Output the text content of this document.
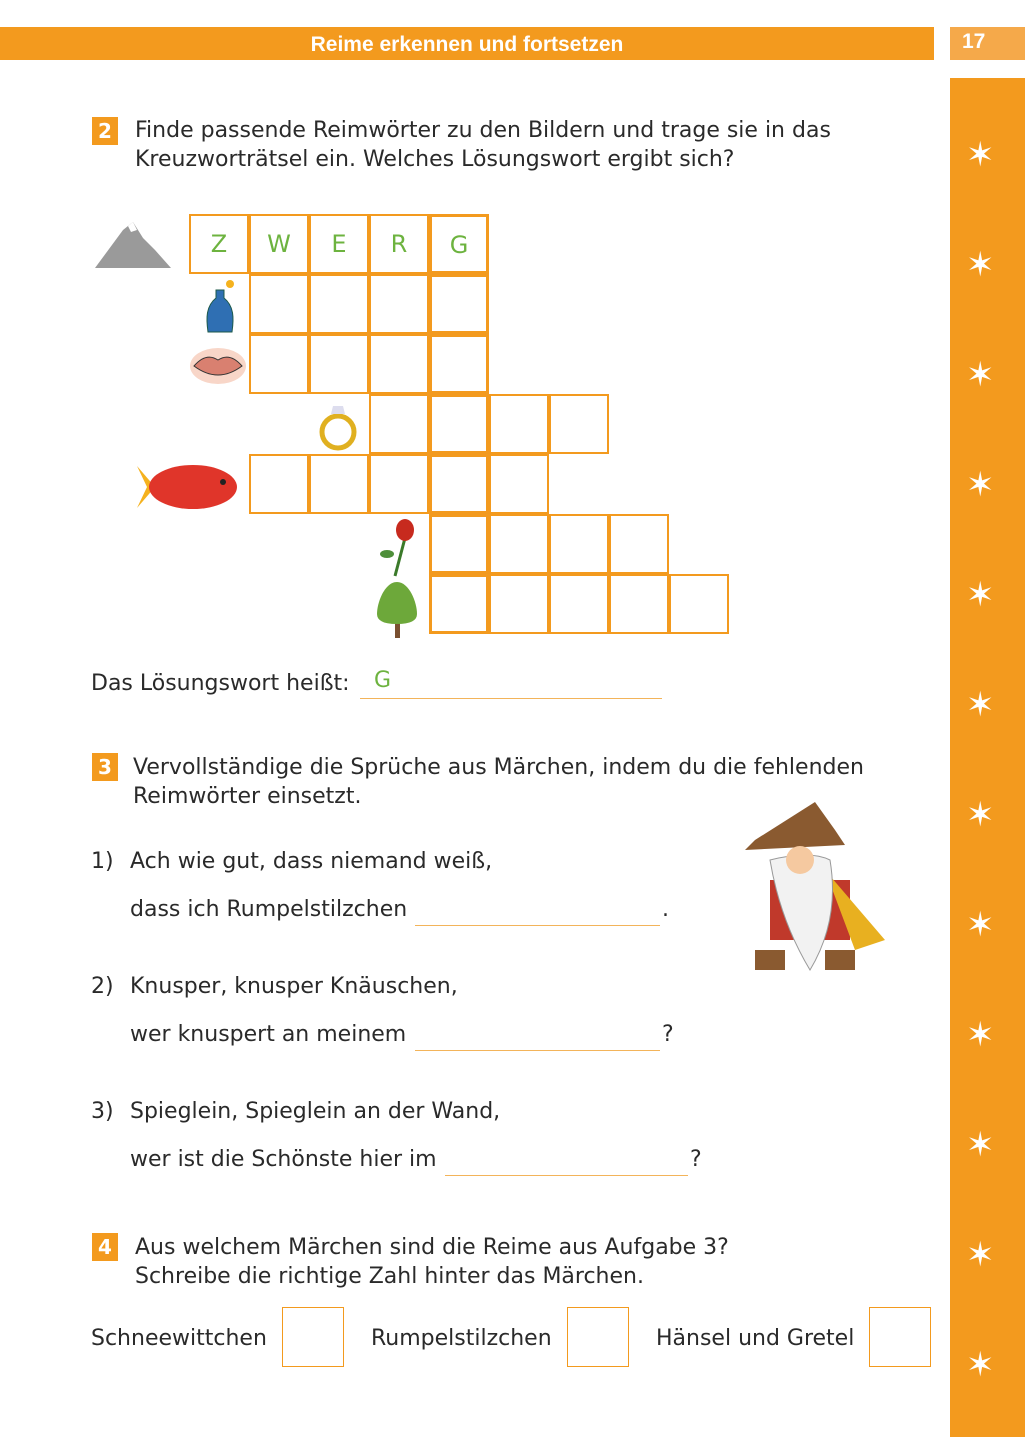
Reime erkennen und fortsetzen	17
✶
✶
✶
✶
✶
✶
✶
✶
✶
✶
✶
✶
2 Finde passende Reimwörter zu den Bildern und trage sie in das
Kreuzworträtsel ein. Welches Lösungswort ergibt sich?
Z	W	E	R	G
Das Lösungswort heißt:	G
3 Vervollständige die Sprüche aus Märchen, indem du die fehlenden
Reimwörter einsetzt.
1) Ach wie gut, dass niemand weiß,
dass ich Rumpelstilzchen	.
2) Knusper, knusper Knäuschen,
wer knuspert an meinem	?
3) Spieglein, Spieglein an der Wand,
wer ist die Schönste hier im	?
4 Aus welchem Märchen sind die Reime aus Aufgabe 3?
Schreibe die richtige Zahl hinter das Märchen.
Schneewittchen	Rumpelstilzchen	Hänsel und Gretel
